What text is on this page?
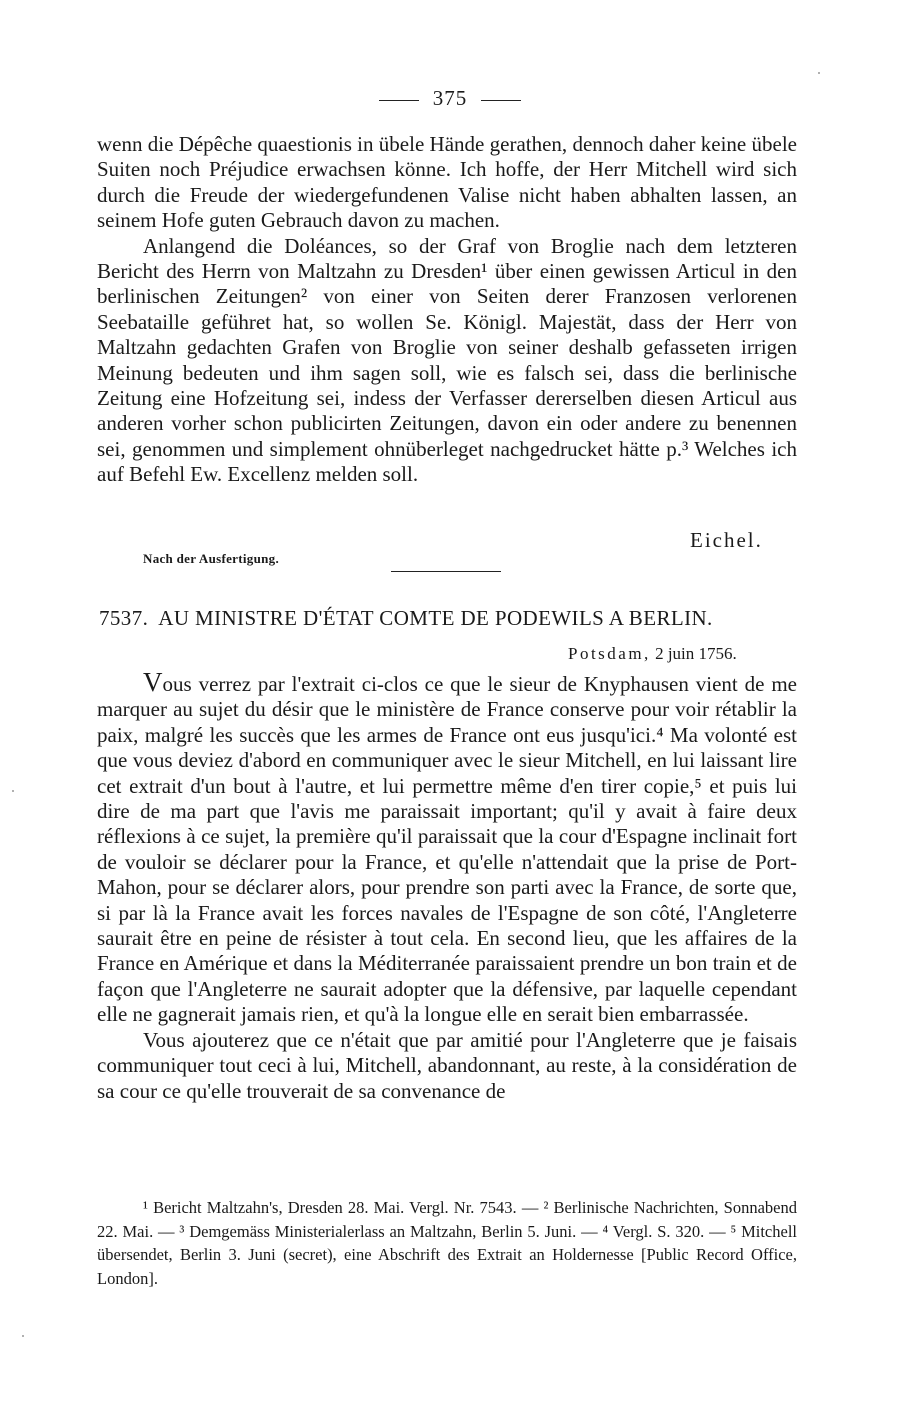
375

wenn die Dépêche quaestionis in übele Hände gerathen, dennoch daher keine übele Suiten noch Préjudice erwachsen könne. Ich hoffe, der Herr Mitchell wird sich durch die Freude der wiedergefundenen Valise nicht haben abhalten lassen, an seinem Hofe guten Gebrauch davon zu machen.

Anlangend die Doléances, so der Graf von Broglie nach dem letzteren Bericht des Herrn von Maltzahn zu Dresden¹ über einen gewissen Articul in den berlinischen Zeitungen² von einer von Seiten derer Franzosen verlorenen Seebataille geführet hat, so wollen Se. Königl. Majestät, dass der Herr von Maltzahn gedachten Grafen von Broglie von seiner deshalb gefasseten irrigen Meinung bedeuten und ihm sagen soll, wie es falsch sei, dass die berlinische Zeitung eine Hofzeitung sei, indess der Verfasser dererselben diesen Articul aus anderen vorher schon publicirten Zeitungen, davon ein oder andere zu benennen sei, genommen und simplement ohnüberleget nachgedrucket hätte p.³ Welches ich auf Befehl Ew. Excellenz melden soll.

Eichel.
Nach der Ausfertigung.
7537. AU MINISTRE D'ÉTAT COMTE DE PODEWILS A BERLIN.
Potsdam, 2 juin 1756.

Vous verrez par l'extrait ci-clos ce que le sieur de Knyphausen vient de me marquer au sujet du désir que le ministère de France conserve pour voir rétablir la paix, malgré les succès que les armes de France ont eus jusqu'ici.⁴ Ma volonté est que vous deviez d'abord en communiquer avec le sieur Mitchell, en lui laissant lire cet extrait d'un bout à l'autre, et lui permettre même d'en tirer copie,⁵ et puis lui dire de ma part que l'avis me paraissait important; qu'il y avait à faire deux réflexions à ce sujet, la première qu'il paraissait que la cour d'Espagne inclinait fort de vouloir se déclarer pour la France, et qu'elle n'attendait que la prise de Port-Mahon, pour se déclarer alors, pour prendre son parti avec la France, de sorte que, si par là la France avait les forces navales de l'Espagne de son côté, l'Angleterre saurait être en peine de résister à tout cela. En second lieu, que les affaires de la France en Amérique et dans la Méditerranée paraissaient prendre un bon train et de façon que l'Angleterre ne saurait adopter que la défensive, par laquelle cependant elle ne gagnerait jamais rien, et qu'à la longue elle en serait bien embarrassée.

Vous ajouterez que ce n'était que par amitié pour l'Angleterre que je faisais communiquer tout ceci à lui, Mitchell, abandonnant, au reste, à la considération de sa cour ce qu'elle trouverait de sa convenance de

¹ Bericht Maltzahn's, Dresden 28. Mai. Vergl. Nr. 7543. — ² Berlinische Nachrichten, Sonnabend 22. Mai. — ³ Demgemäss Ministerialerlass an Maltzahn, Berlin 5. Juni. — ⁴ Vergl. S. 320. — ⁵ Mitchell übersendet, Berlin 3. Juni (secret), eine Abschrift des Extrait an Holdernesse [Public Record Office, London].
